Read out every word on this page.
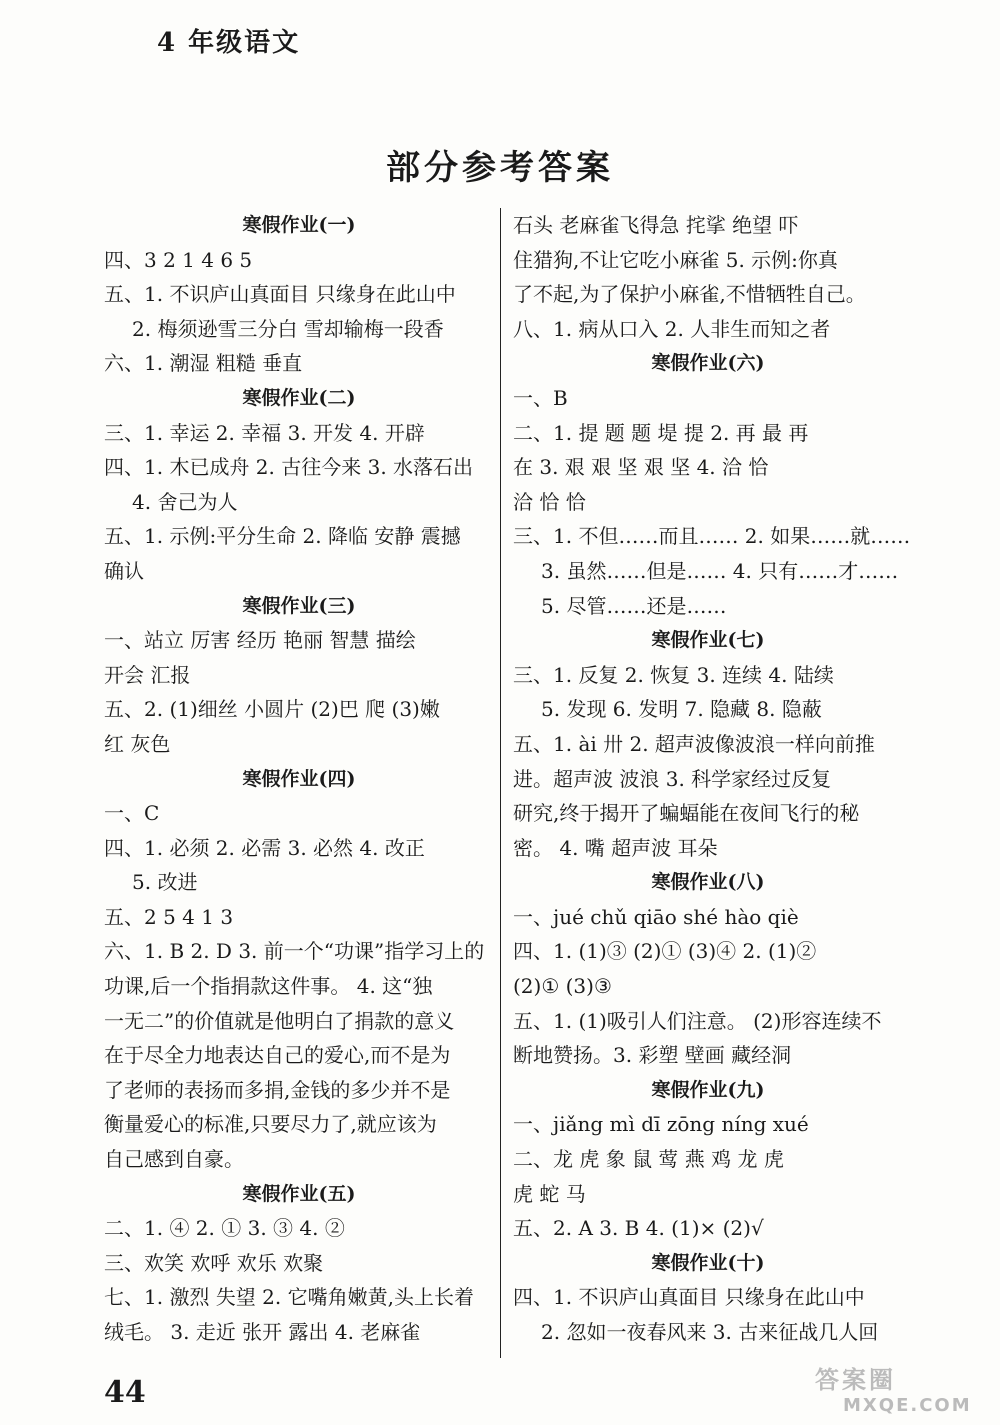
4 年级语文
部分参考答案
寒假作业(一)
四、3 2 1 4 6 5
五、1. 不识庐山真面目 只缘身在此山中
2. 梅须逊雪三分白 雪却输梅一段香
六、1. 潮湿 粗糙 垂直
寒假作业(二)
三、1. 幸运 2. 幸福 3. 开发 4. 开辟
四、1. 木已成舟 2. 古往今来 3. 水落石出
4. 舍己为人
五、1. 示例:平分生命 2. 降临 安静 震撼
确认
寒假作业(三)
一、站立 厉害 经历 艳丽 智慧 描绘
开会 汇报
五、2. (1)细丝 小圆片 (2)巴 爬 (3)嫩
红 灰色
寒假作业(四)
一、C
四、1. 必须 2. 必需 3. 必然 4. 改正
5. 改进
五、2 5 4 1 3
六、1. B 2. D 3. 前一个“功课”指学习上的
功课,后一个指捐款这件事。 4. 这“独
一无二”的价值就是他明白了捐款的意义
在于尽全力地表达自己的爱心,而不是为
了老师的表扬而多捐,金钱的多少并不是
衡量爱心的标准,只要尽力了,就应该为
自己感到自豪。
寒假作业(五)
二、1. ④ 2. ① 3. ③ 4. ②
三、欢笑 欢呼 欢乐 欢聚
七、1. 激烈 失望 2. 它嘴角嫩黄,头上长着
绒毛。 3. 走近 张开 露出 4. 老麻雀
石头 老麻雀飞得急 挓挲 绝望 吓
住猎狗,不让它吃小麻雀 5. 示例:你真
了不起,为了保护小麻雀,不惜牺牲自己。
八、1. 病从口入 2. 人非生而知之者
寒假作业(六)
一、B
二、1. 提 题 题 堤 提 2. 再 最 再
在 3. 艰 艰 坚 艰 坚 4. 洽 恰
洽 恰 恰
三、1. 不但……而且…… 2. 如果……就……
3. 虽然……但是…… 4. 只有……才……
5. 尽管……还是……
寒假作业(七)
三、1. 反复 2. 恢复 3. 连续 4. 陆续
5. 发现 6. 发明 7. 隐藏 8. 隐蔽
五、1. ài 卅 2. 超声波像波浪一样向前推
进。超声波 波浪 3. 科学家经过反复
研究,终于揭开了蝙蝠能在夜间飞行的秘
密。 4. 嘴 超声波 耳朵
寒假作业(八)
一、jué chǔ qiāo shé hào qiè
四、1. (1)③ (2)① (3)④ 2. (1)②
(2)① (3)③
五、1. (1)吸引人们注意。 (2)形容连续不
断地赞扬。3. 彩塑 壁画 藏经洞
寒假作业(九)
一、jiǎng mì dī zōng níng xué
二、龙 虎 象 鼠 莺 燕 鸡 龙 虎
虎 蛇 马
五、2. A 3. B 4. (1)× (2)√
寒假作业(十)
四、1. 不识庐山真面目 只缘身在此山中
2. 忽如一夜春风来 3. 古来征战几人回
44	答案圈
MXQE.COM
